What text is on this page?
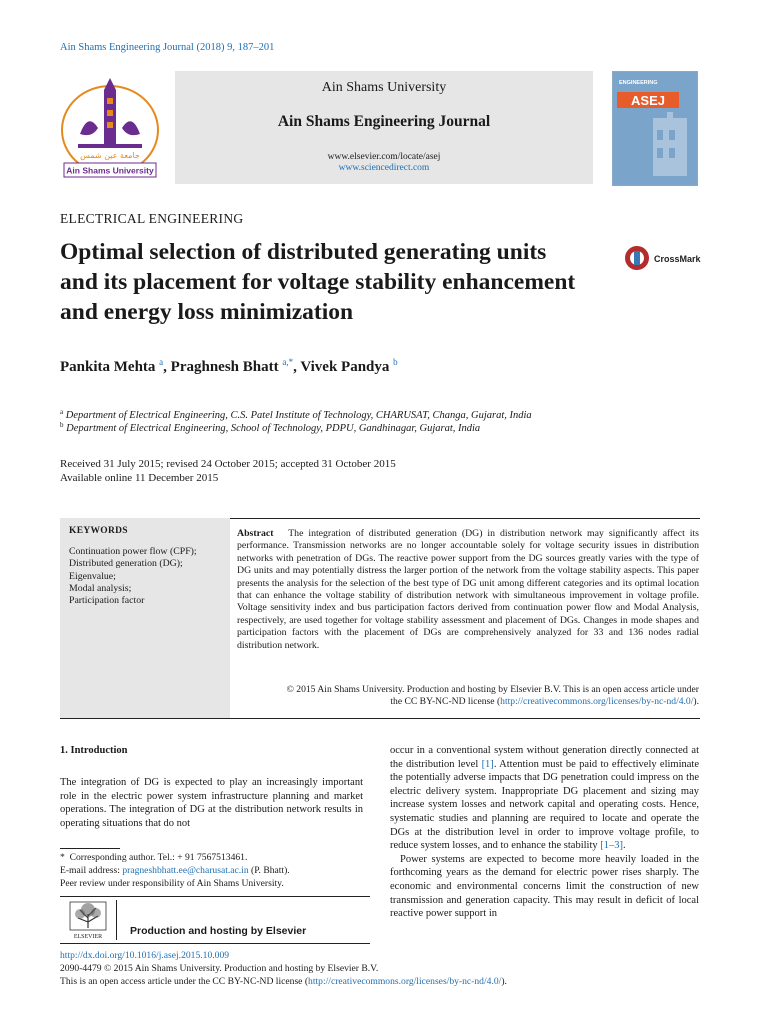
Ain Shams Engineering Journal (2018) 9, 187–201
جامعة عين شمس
Ain Shams University
Ain Shams University
Ain Shams Engineering Journal
www.elsevier.com/locate/asej
www.sciencedirect.com
ENGINEERING
ASEJ
ELECTRICAL ENGINEERING
Optimal selection of distributed generating units
and its placement for voltage stability enhancement
and energy loss minimization
CrossMark
Pankita Mehta $^a$, Praghnesh Bhatt $^{a,*}$, Vivek Pandya $^b$
$^a$ Department of Electrical Engineering, C.S. Patel Institute of Technology, CHARUSAT, Changa, Gujarat, India
$^b$ Department of Electrical Engineering, School of Technology, PDPU, Gandhinagar, Gujarat, India
Received 31 July 2015; revised 24 October 2015; accepted 31 October 2015
Available online 11 December 2015
KEYWORDS
Continuation power flow (CPF);
Distributed generation (DG);
Eigenvalue;
Modal analysis;
Participation factor
Abstract The integration of distributed generation (DG) in distribution network may significantly affect its performance. Transmission networks are no longer accountable solely for voltage security issues in distribution networks with penetration of DGs. The reactive power support from the DG sources greatly varies with the type of DG units and may potentially distress the larger portion of the network from the voltage stability aspects. This paper presents the analysis for the selection of the best type of DG unit among different categories and its optimal location that can enhance the voltage stability of distribution network with simultaneous improvement in voltage profile. Voltage sensitivity index and bus participation factors derived from continuation power flow and Modal Analysis, respectively, are used together for voltage stability assessment and placement of DGs. Changes in mode shapes and participation factors with the placement of DGs are comprehensively analyzed for 33 and 136 nodes radial distribution network.
© 2015 Ain Shams University. Production and hosting by Elsevier B.V. This is an open access article under
the CC BY-NC-ND license (http://creativecommons.org/licenses/by-nc-nd/4.0/).
1. Introduction

The integration of DG is expected to play an increasingly important role in the electric power system infrastructure planning and market operations. The integration of DG at the distribution network results in operating situations that do not

occur in a conventional system without generation directly connected at the distribution level [1]. Attention must be paid to effectively eliminate the potentially adverse impacts that DG penetration could impress on the electric delivery system. Inappropriate DG placement and sizing may increase system losses and network capital and operating costs. Hence, systematic studies and planning are required to locate and operate the DGs at the distribution level in order to improve voltage profile, to reduce system losses, and to enhance the stability [1–3].

Power systems are expected to become more heavily loaded in the forthcoming years as the demand for electric power rises sharply. The economic and environmental concerns limit the construction of new transmission and generation capacity. This may result in deficit of local reactive power support in

*  Corresponding author. Tel.: + 91 7567513461.
E-mail address: pragneshbhatt.ee@charusat.ac.in (P. Bhatt).
Peer review under responsibility of Ain Shams University.
ELSEVIER	Production and hosting by Elsevier
http://dx.doi.org/10.1016/j.asej.2015.10.009
2090-4479 © 2015 Ain Shams University. Production and hosting by Elsevier B.V.
This is an open access article under the CC BY-NC-ND license (http://creativecommons.org/licenses/by-nc-nd/4.0/).
